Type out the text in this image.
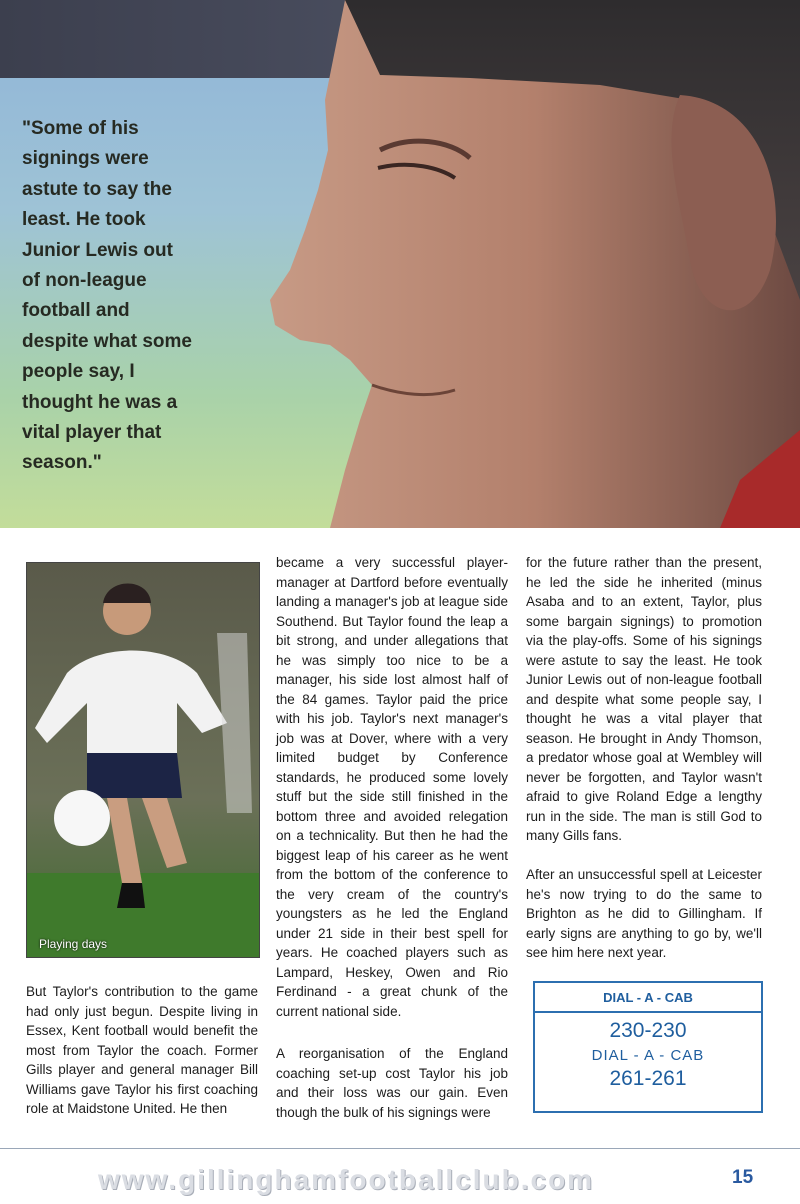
"Some of his
signings were
astute to say the
least. He took
Junior Lewis out
of non-league
football and
despite what some
people say, I
thought he was a
vital player that
season."

Playing days

But Taylor's contribution to the game had only just begun. Despite living in Essex, Kent football would benefit the most from Taylor the coach. Former Gills player and general manager Bill Williams gave Taylor his first coaching role at Maidstone United. He then

became a very successful player-manager at Dartford before eventually landing a manager's job at league side Southend. But Taylor found the leap a bit strong, and under allegations that he was simply too nice to be a manager, his side lost almost half of the 84 games. Taylor paid the price with his job. Taylor's next manager's job was at Dover, where with a very limited budget by Conference standards, he produced some lovely stuff but the side still finished in the bottom three and avoided relegation on a technicality. But then he had the biggest leap of his career as he went from the bottom of the conference to the very cream of the country's youngsters as he led the England under 21 side in their best spell for years. He coached players such as Lampard, Heskey, Owen and Rio Ferdinand - a great chunk of the current national side.

A reorganisation of the England coaching set-up cost Taylor his job and their loss was our gain. Even though the bulk of his signings were

for the future rather than the present, he led the side he inherited (minus Asaba and to an extent, Taylor, plus some bargain signings) to promotion via the play-offs. Some of his signings were astute to say the least. He took Junior Lewis out of non-league football and despite what some people say, I thought he was a vital player that season. He brought in Andy Thomson, a predator whose goal at Wembley will never be forgotten, and Taylor wasn't afraid to give Roland Edge a lengthy run in the side. The man is still God to many Gills fans.

After an unsuccessful spell at Leicester he's now trying to do the same to Brighton as he did to Gillingham. If early signs are anything to go by, we'll see him here next year.

DIAL - A - CAB
230-230
DIAL - A - CAB
261-261
www.gillinghamfootballclub.com	15
